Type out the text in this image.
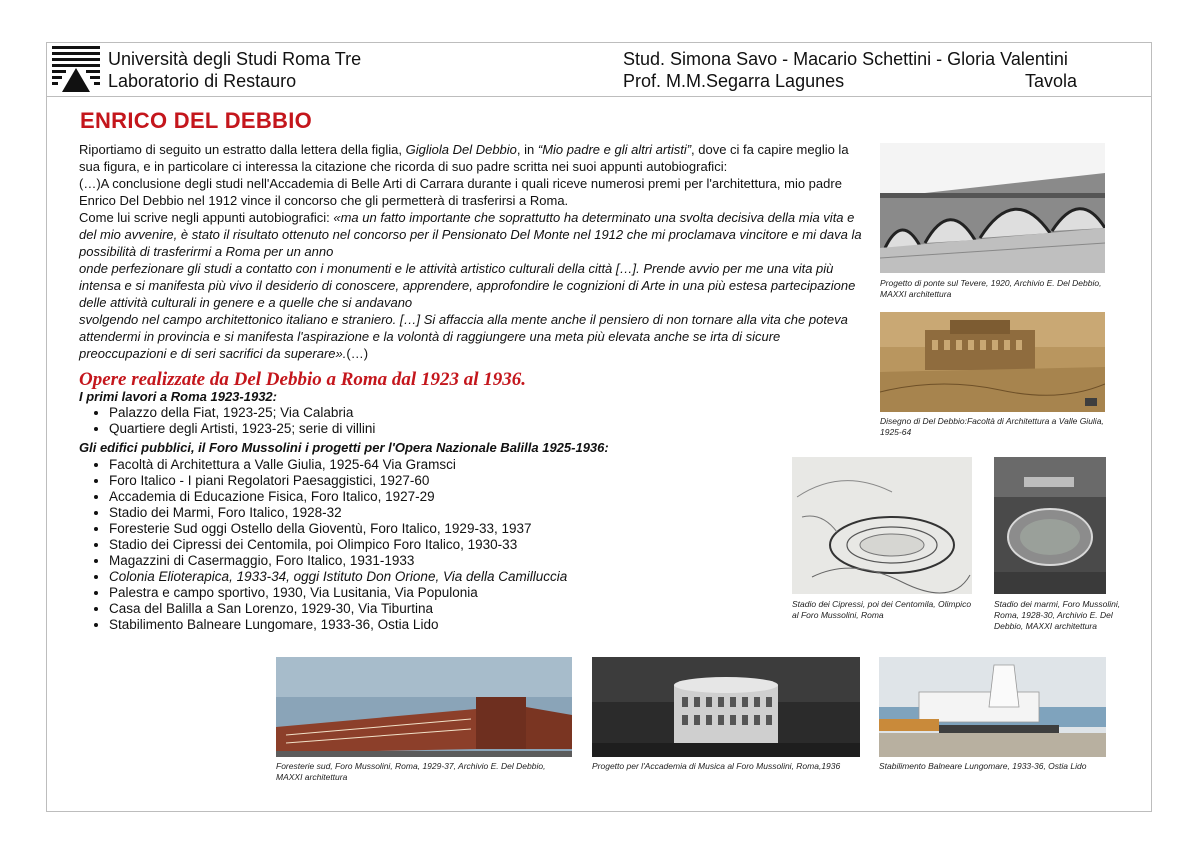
Università degli Studi Roma Tre
Laboratorio di Restauro
Stud. Simona Savo - Macario Schettini - Gloria Valentini
Prof. M.M.Segarra Lagunes	Tavola
ENRICO DEL DEBBIO

Riportiamo di seguito un estratto dalla lettera della figlia, Gigliola Del Debbio, in “Mio padre e gli altri artisti”, dove ci fa capire meglio la sua figura, e in particolare ci interessa la citazione che ricorda di suo padre scritta nei suoi appunti autobiografici:

(…)A conclusione degli studi nell'Accademia di Belle Arti di Carrara durante i quali riceve numerosi premi per l'architettura, mio padre Enrico Del Debbio nel 1912 vince il concorso che gli permetterà di trasferirsi a Roma.

Come lui scrive negli appunti autobiografici: «ma un fatto importante che soprattutto ha determinato una svolta decisiva della mia vita e del mio avvenire, è stato il risultato ottenuto nel concorso per il Pensionato Del Monte nel 1912 che mi proclamava vincitore e mi dava la possibilità di trasferirmi a Roma per un anno

onde perfezionare gli studi a contatto con i monumenti e le attività artistico culturali della città […]. Prende avvio per me una vita più intensa e si manifesta più vivo il desiderio di conoscere, apprendere, approfondire le cognizioni di Arte in una più estesa partecipazione delle attività culturali in genere e a quelle che si andavano

svolgendo nel campo architettonico italiano e straniero. […] Si affaccia alla mente anche il pensiero di non tornare alla vita che poteva attendermi in provincia e si manifesta l'aspirazione e la volontà di raggiungere una meta più elevata anche se irta di sicure preoccupazioni e di seri sacrifici da superare».(…)

Opere realizzate da Del Debbio a Roma dal 1923 al 1936.
I primi lavori a Roma 1923-1932:
• Palazzo della Fiat, 1923-25; Via Calabria
• Quartiere degli Artisti, 1923-25; serie di villini
Gli edifici pubblici, il Foro Mussolini i progetti per l'Opera Nazionale Balilla 1925-1936:
• Facoltà di Architettura a Valle Giulia, 1925-64 Via Gramsci
• Foro Italico - I piani Regolatori Paesaggistici, 1927-60
• Accademia di Educazione Fisica, Foro Italico, 1927-29
• Stadio dei Marmi, Foro Italico, 1928-32
• Foresterie Sud oggi Ostello della Gioventù, Foro Italico, 1929-33, 1937
• Stadio dei Cipressi dei Centomila, poi Olimpico Foro Italico, 1930-33
• Magazzini di Casermaggio, Foro Italico, 1931-1933
• Colonia Elioterapica, 1933-34, oggi Istituto Don Orione, Via della Camilluccia
• Palestra e campo sportivo, 1930, Via Lusitania, Via Populonia
• Casa del Balilla a San Lorenzo, 1929-30, Via Tiburtina
• Stabilimento Balneare Lungomare, 1933-36, Ostia Lido
Progetto di ponte sul Tevere, 1920, Archivio E. Del Debbio, MAXXI architettura
Disegno di Del Debbio:Facoltà di Architettura a Valle Giulia, 1925-64
Stadio dei Cipressi, poi dei Centomila, Olimpico al Foro Mussolini, Roma
Stadio dei marmi, Foro Mussolini, Roma, 1928-30, Archivio E. Del Debbio, MAXXI architettura
Foresterie sud, Foro Mussolini, Roma, 1929-37, Archivio E. Del Debbio, MAXXI architettura
Progetto per l'Accademia di Musica al Foro Mussolini, Roma,1936	Stabilimento Balneare Lungomare, 1933-36, Ostia Lido
